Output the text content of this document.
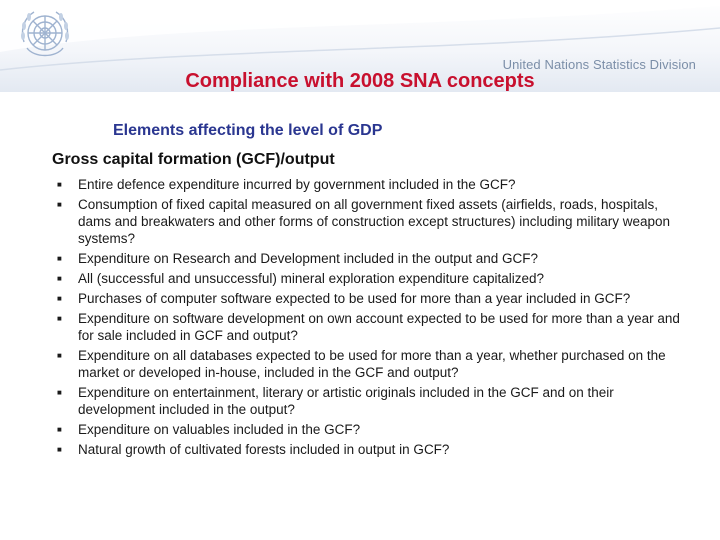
United Nations Statistics Division
Compliance with 2008 SNA concepts
Elements affecting the level of GDP
Gross capital formation (GCF)/output
■ Entire defence expenditure incurred by government included in the GCF?
■ Consumption of fixed capital measured on all government fixed assets (airfields, roads, hospitals, dams and breakwaters and other forms of construction except structures) including military weapon systems?
■ Expenditure on Research and Development included in the output and GCF?
■ All (successful and unsuccessful) mineral exploration expenditure capitalized?
■ Purchases of computer software expected to be used for more than a year included in GCF?
■ Expenditure on software development on own account expected to be used for more than a year and for sale included in GCF and output?
■ Expenditure on all databases expected to be used for more than a year, whether purchased on the market or developed in-house, included in the GCF and output?
■ Expenditure on entertainment, literary or artistic originals included in the GCF and on their development included in the output?
■ Expenditure on valuables included in the GCF?
■ Natural growth of cultivated forests included in output in GCF?
